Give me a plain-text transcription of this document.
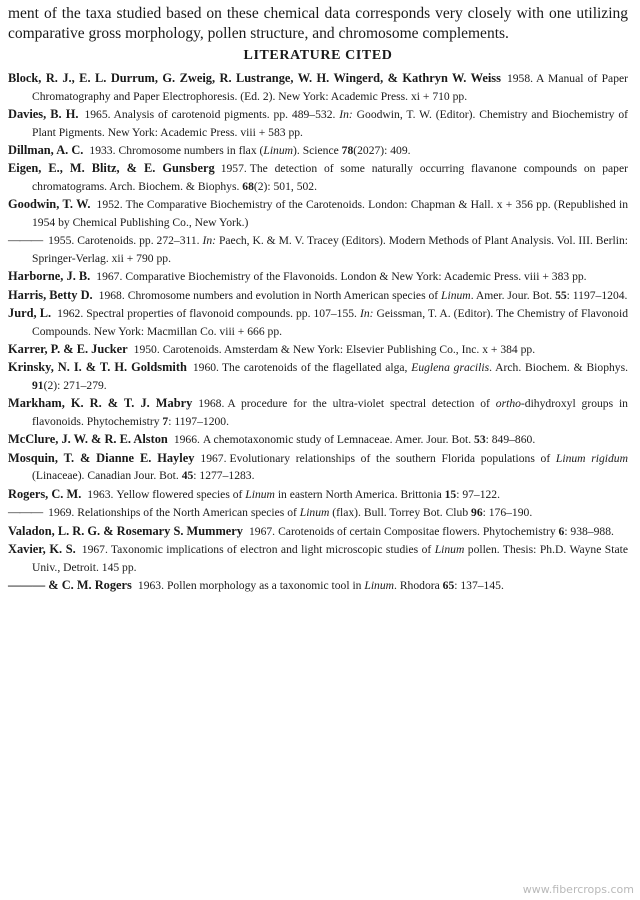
ment of the taxa studied based on these chemical data corresponds very closely with one utilizing comparative gross morphology, pollen structure, and chromosome complements.

LITERATURE CITED
Block, R. J., E. L. Durrum, G. Zweig, R. Lustrange, W. H. Wingerd, & Kathryn W. Weiss 1958. A Manual of Paper Chromatography and Paper Electrophoresis. (Ed. 2). New York: Academic Press. xi + 710 pp.
Davies, B. H. 1965. Analysis of carotenoid pigments. pp. 489–532. In: Goodwin, T. W. (Editor). Chemistry and Biochemistry of Plant Pigments. New York: Academic Press. viii + 583 pp.
Dillman, A. C. 1933. Chromosome numbers in flax (Linum). Science 78(2027): 409.
Eigen, E., M. Blitz, & E. Gunsberg 1957. The detection of some naturally occurring flavanone compounds on paper chromatograms. Arch. Biochem. & Biophys. 68(2): 501, 502.
Goodwin, T. W. 1952. The Comparative Biochemistry of the Carotenoids. London: Chapman & Hall. x + 356 pp. (Republished in 1954 by Chemical Publishing Co., New York.)
——— 1955. Carotenoids. pp. 272–311. In: Paech, K. & M. V. Tracey (Editors). Modern Methods of Plant Analysis. Vol. III. Berlin: Springer-Verlag. xii + 790 pp.
Harborne, J. B. 1967. Comparative Biochemistry of the Flavonoids. London & New York: Academic Press. viii + 383 pp.
Harris, Betty D. 1968. Chromosome numbers and evolution in North American species of Linum. Amer. Jour. Bot. 55: 1197–1204.
Jurd, L. 1962. Spectral properties of flavonoid compounds. pp. 107–155. In: Geissman, T. A. (Editor). The Chemistry of Flavonoid Compounds. New York: Macmillan Co. viii + 666 pp.
Karrer, P. & E. Jucker 1950. Carotenoids. Amsterdam & New York: Elsevier Publishing Co., Inc. x + 384 pp.
Krinsky, N. I. & T. H. Goldsmith 1960. The carotenoids of the flagellated alga, Euglena gracilis. Arch. Biochem. & Biophys. 91(2): 271–279.
Markham, K. R. & T. J. Mabry 1968. A procedure for the ultra-violet spectral detection of ortho-dihydroxyl groups in flavonoids. Phytochemistry 7: 1197–1200.
McClure, J. W. & R. E. Alston 1966. A chemotaxonomic study of Lemnaceae. Amer. Jour. Bot. 53: 849–860.
Mosquin, T. & Dianne E. Hayley 1967. Evolutionary relationships of the southern Florida populations of Linum rigidum (Linaceae). Canadian Jour. Bot. 45: 1277–1283.
Rogers, C. M. 1963. Yellow flowered species of Linum in eastern North America. Brittonia 15: 97–122.
——— 1969. Relationships of the North American species of Linum (flax). Bull. Torrey Bot. Club 96: 176–190.
Valadon, L. R. G. & Rosemary S. Mummery 1967. Carotenoids of certain Compositae flowers. Phytochemistry 6: 938–988.
Xavier, K. S. 1967. Taxonomic implications of electron and light microscopic studies of Linum pollen. Thesis: Ph.D. Wayne State Univ., Detroit. 145 pp.
——— & C. M. Rogers 1963. Pollen morphology as a taxonomic tool in Linum. Rhodora 65: 137–145.
www.fibercrops.com
